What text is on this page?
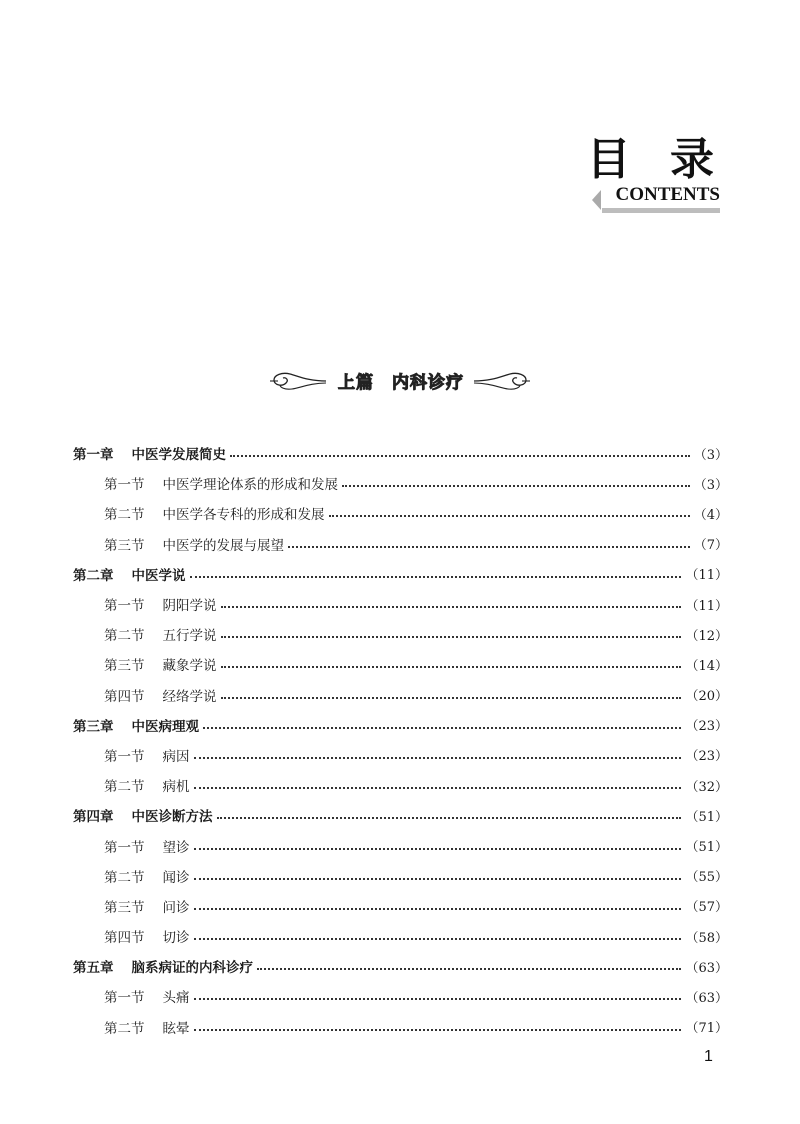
目 录
CONTENTS
上篇　内科诊疗
第一章 中医学发展简史	（3）
第一节 中医学理论体系的形成和发展	（3）
第二节 中医学各专科的形成和发展	（4）
第三节 中医学的发展与展望	（7）
第二章 中医学说	（11）
第一节 阴阳学说	（11）
第二节 五行学说	（12）
第三节 藏象学说	（14）
第四节 经络学说	（20）
第三章 中医病理观	（23）
第一节 病因	（23）
第二节 病机	（32）
第四章 中医诊断方法	（51）
第一节 望诊	（51）
第二节 闻诊	（55）
第三节 问诊	（57）
第四节 切诊	（58）
第五章 脑系病证的内科诊疗	（63）
第一节 头痛	（63）
第二节 眩晕	（71）
1
